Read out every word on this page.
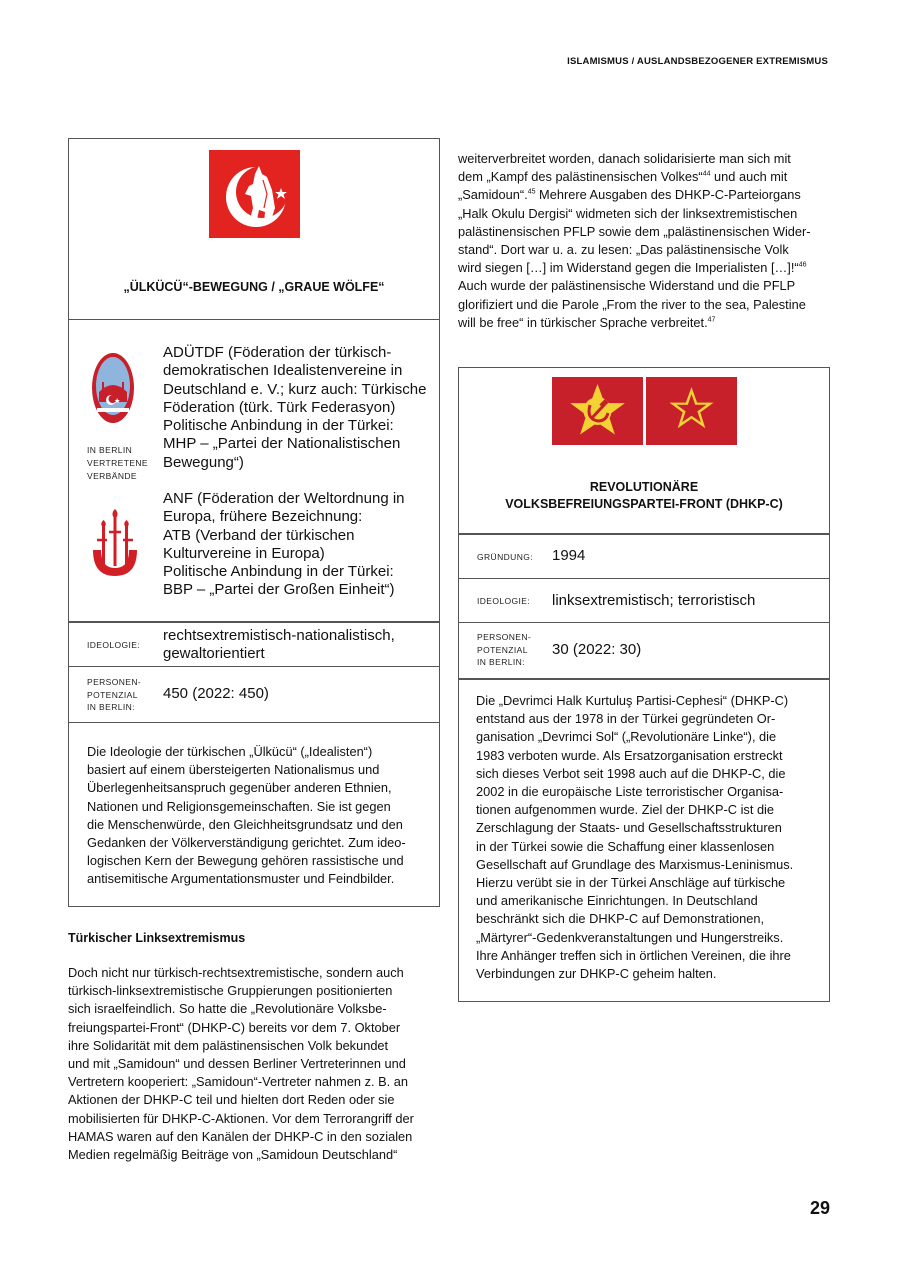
ISLAMISMUS / AUSLANDSBEZOGENER EXTREMISMUS
„ÜLKÜCÜ“-BEWEGUNG / „GRAUE WÖLFE“
ADÜTDF (Föderation der türkisch-
demokratischen Idealistenvereine in
Deutschland e. V.; kurz auch: Türkische
Föderation (türk. Türk Federasyon)
Politische Anbindung in der Türkei:
MHP – „Partei der Nationalistischen
Bewegung“)
IN BERLIN
VERTRETENE
VERBÄNDE
ANF (Föderation der Weltordnung in
Europa, frühere Bezeichnung:
ATB (Verband der türkischen
Kulturvereine in Europa)
Politische Anbindung in der Türkei:
BBP – „Partei der Großen Einheit“)
IDEOLOGIE:
rechtsextremistisch-nationalistisch,
gewaltorientiert
PERSONEN-
POTENZIAL
IN BERLIN:
450 (2022: 450)
Die Ideologie der türkischen „Ülkücü“ („Idealisten“)
basiert auf einem übersteigerten Nationalismus und
Überlegenheitsanspruch gegenüber anderen Ethnien,
Nationen und Religionsgemeinschaften. Sie ist gegen
die Menschenwürde, den Gleichheitsgrundsatz und den
Gedanken der Völkerverständigung gerichtet. Zum ideo-
logischen Kern der Bewegung gehören rassistische und
antisemitische Argumentationsmuster und Feindbilder.
Türkischer Linksextremismus
Doch nicht nur türkisch-rechtsextremistische, sondern auch
türkisch-linksextremistische Gruppierungen positionierten
sich israelfeindlich. So hatte die „Revolutionäre Volksbe-
freiungspartei-Front“ (DHKP-C) bereits vor dem 7. Oktober
ihre Solidarität mit dem palästinensischen Volk bekundet
und mit „Samidoun“ und dessen Berliner Vertreterinnen und
Vertretern kooperiert: „Samidoun“-Vertreter nahmen z. B. an
Aktionen der DHKP-C teil und hielten dort Reden oder sie
mobilisierten für DHKP-C-Aktionen. Vor dem Terrorangriff der
HAMAS waren auf den Kanälen der DHKP-C in den sozialen
Medien regelmäßig Beiträge von „Samidoun Deutschland“
weiterverbreitet worden, danach solidarisierte man sich mit
dem „Kampf des palästinensischen Volkes“$^{44}$ und auch mit
„Samidoun“.$^{45}$ Mehrere Ausgaben des DHKP-C-Parteiorgans
„Halk Okulu Dergisi“ widmeten sich der linksextremistischen
palästinensischen PFLP sowie dem „palästinensischen Wider-
stand“. Dort war u. a. zu lesen: „Das palästinensische Volk
wird siegen […] im Widerstand gegen die Imperialisten […]!“$^{46}$
Auch wurde der palästinensische Widerstand und die PFLP
glorifiziert und die Parole „From the river to the sea, Palestine
will be free“ in türkischer Sprache verbreitet.$^{47}$
REVOLUTIONÄRE
VOLKSBEFREIUNGSPARTEI-FRONT (DHKP-C)
GRÜNDUNG: 1994
IDEOLOGIE: linksextremistisch; terroristisch
PERSONEN-
POTENZIAL
IN BERLIN:
30 (2022: 30)
Die „Devrimci Halk Kurtuluş Partisi-Cephesi“ (DHKP-C)
entstand aus der 1978 in der Türkei gegründeten Or-
ganisation „Devrimci Sol“ („Revolutionäre Linke“), die
1983 verboten wurde. Als Ersatzorganisation erstreckt
sich dieses Verbot seit 1998 auch auf die DHKP-C, die
2002 in die europäische Liste terroristischer Organisa-
tionen aufgenommen wurde. Ziel der DHKP-C ist die
Zerschlagung der Staats- und Gesellschaftsstrukturen
in der Türkei sowie die Schaffung einer klassenlosen
Gesellschaft auf Grundlage des Marxismus-Leninismus.
Hierzu verübt sie in der Türkei Anschläge auf türkische
und amerikanische Einrichtungen. In Deutschland
beschränkt sich die DHKP-C auf Demonstrationen,
„Märtyrer“-Gedenkveranstaltungen und Hungerstreiks.
Ihre Anhänger treffen sich in örtlichen Vereinen, die ihre
Verbindungen zur DHKP-C geheim halten.
29
